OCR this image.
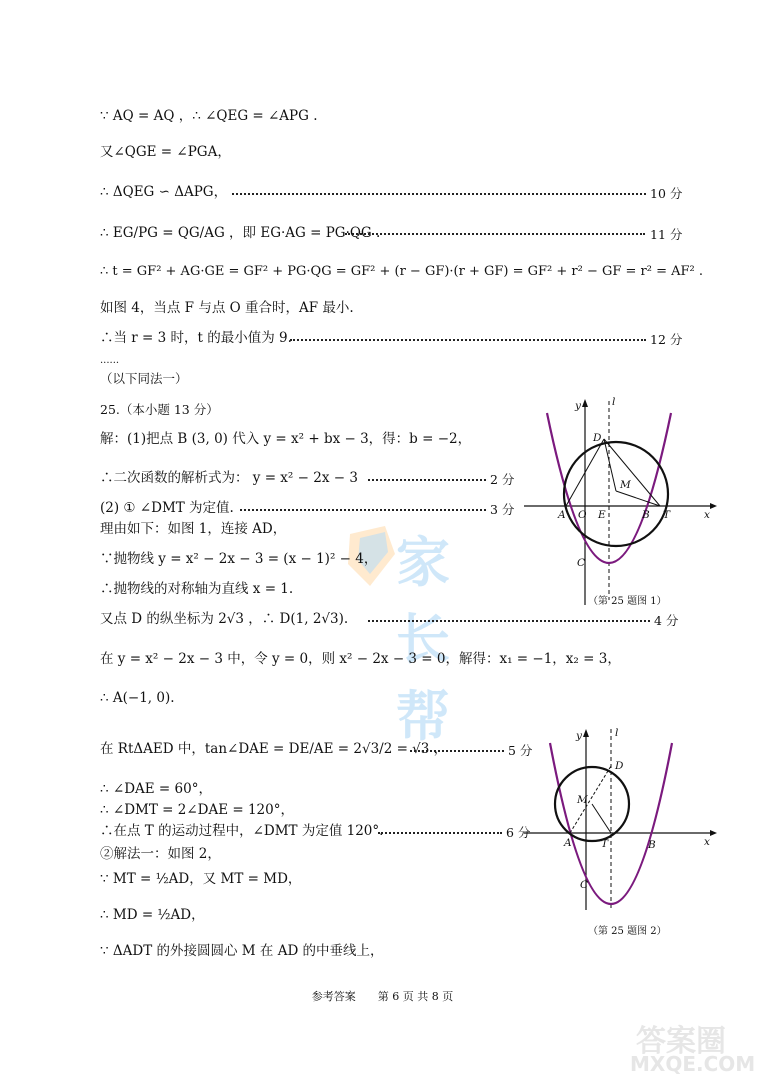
家长帮
∵ AQ = AQ ，∴ ∠QEG = ∠APG .
又∠QGE = ∠PGA，
∴ ΔQEG ∽ ΔAPG，	10 分
∴ EG/PG = QG/AG ，即 EG·AG = PG·QG .	11 分
∴ t = GF² + AG·GE = GF² + PG·QG = GF² + (r − GF)·(r + GF) = GF² + r² − GF = r² = AF² .
如图 4，当点 F 与点 O 重合时，AF 最小.
∴当 r = 3 时，t 的最小值为 9.	12 分
......
（以下同法一）
25.（本小题 13 分）
解：(1)把点 B (3, 0) 代入 y = x² + bx − 3，得：b = −2，
∴二次函数的解析式为： y = x² − 2x − 3	2 分
(2) ① ∠DMT 为定值.	3 分
理由如下：如图 1，连接 AD，
∵抛物线 y = x² − 2x − 3 = (x − 1)² − 4，
∴抛物线的对称轴为直线 x = 1.
又点 D 的纵坐标为 2√3 ，∴ D(1, 2√3).	4 分
在 y = x² − 2x − 3 中，令 y = 0，则 x² − 2x − 3 = 0，解得：x₁ = −1，x₂ = 3，
∴ A(−1, 0).
在 RtΔAED 中，tan∠DAE = DE/AE = 2√3/2 = √3 ，	5 分
∴ ∠DAE = 60°，
∴ ∠DMT = 2∠DAE = 120°，
∴在点 T 的运动过程中，∠DMT 为定值 120°.	6 分
②解法一：如图 2，
∵ MT = ½AD，又 MT = MD，
∴ MD = ½AD，
∵ ΔADT 的外接圆圆心 M 在 AD 的中垂线上，
y	l
D
M
A O E	B T	x
C
（第 25 题图 1）
y	l
D
M
A	T	B	x
C
（第 25 题图 2）
参考答案　　第 6 页 共 8 页
答案圈
MXQE.COM
